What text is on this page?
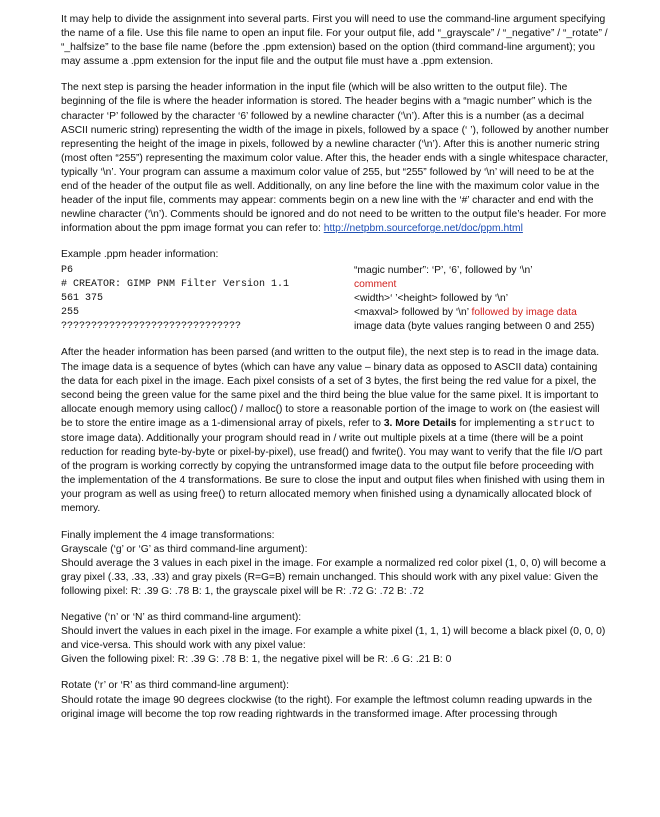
It may help to divide the assignment into several parts. First you will need to use the command-line argument specifying the name of a file. Use this file name to open an input file. For your output file, add “_grayscale” / “_negative” / “_rotate” / “_halfsize” to the base file name (before the .ppm extension) based on the option (third command-line argument); you may assume a .ppm extension for the input file and the output file must have a .ppm extension.

The next step is parsing the header information in the input file (which will be also written to the output file). The beginning of the file is where the header information is stored. The header begins with a “magic number” which is the character ‘P’ followed by the character ‘6’ followed by a newline character (‘\n’). After this is a number (as a decimal ASCII numeric string) representing the width of the image in pixels, followed by a space (‘ ’), followed by another number representing the height of the image in pixels, followed by a newline character (‘\n’). After this is another numeric string (most often “255”) representing the maximum color value. After this, the header ends with a single whitespace character, typically ‘\n’. Your program can assume a maximum color value of 255, but “255” followed by ‘\n’ will need to be at the end of the header of the output file as well. Additionally, on any line before the line with the maximum color value in the header of the input file, comments may appear: comments begin on a new line with the ‘#’ character and end with the newline character (‘\n’). Comments should be ignored and do not need to be written to the output file’s header. For more information about the ppm image format you can refer to: http://netpbm.sourceforge.net/doc/ppm.html

Example .ppm header information:

P6	“magic number”: ‘P’, ‘6’, followed by ‘\n’
# CREATOR: GIMP PNM Filter Version 1.1	comment
561 375	<width>‘ ’<height> followed by ‘\n’
255	<maxval> followed by ‘\n’ followed by image data
??????????????????????????????	image data (byte values ranging between 0 and 255)

After the header information has been parsed (and written to the output file), the next step is to read in the image data. The image data is a sequence of bytes (which can have any value – binary data as opposed to ASCII data) containing the data for each pixel in the image. Each pixel consists of a set of 3 bytes, the first being the red value for a pixel, the second being the green value for the same pixel and the third being the blue value for the same pixel. It is important to allocate enough memory using calloc() / malloc() to store a reasonable portion of the image to work on (the easiest will be to store the entire image as a 1-dimensional array of pixels, refer to 3. More Details for implementing a struct to store image data). Additionally your program should read in / write out multiple pixels at a time (there will be a point reduction for reading byte-by-byte or pixel-by-pixel), use fread() and fwrite(). You may want to verify that the file I/O part of the program is working correctly by copying the untransformed image data to the output file before proceeding with the implementation of the 4 transformations. Be sure to close the input and output files when finished with using them in your program as well as using free() to return allocated memory when finished using a dynamically allocated block of memory.

Finally implement the 4 image transformations:

Grayscale (‘g’ or ‘G’ as third command-line argument):

Should average the 3 values in each pixel in the image. For example a normalized red color pixel (1, 0, 0) will become a gray pixel (.33, .33, .33) and gray pixels (R=G=B) remain unchanged. This should work with any pixel value: Given the following pixel: R: .39 G: .78 B: 1, the grayscale pixel will be R: .72 G: .72 B: .72

Negative (‘n’ or ‘N’ as third command-line argument):

Should invert the values in each pixel in the image. For example a white pixel (1, 1, 1) will become a black pixel (0, 0, 0) and vice-versa. This should work with any pixel value:

Given the following pixel: R: .39 G: .78 B: 1, the negative pixel will be R: .6 G: .21 B: 0

Rotate (‘r’ or ‘R’ as third command-line argument):

Should rotate the image 90 degrees clockwise (to the right). For example the leftmost column reading upwards in the original image will become the top row reading rightwards in the transformed image. After processing through
